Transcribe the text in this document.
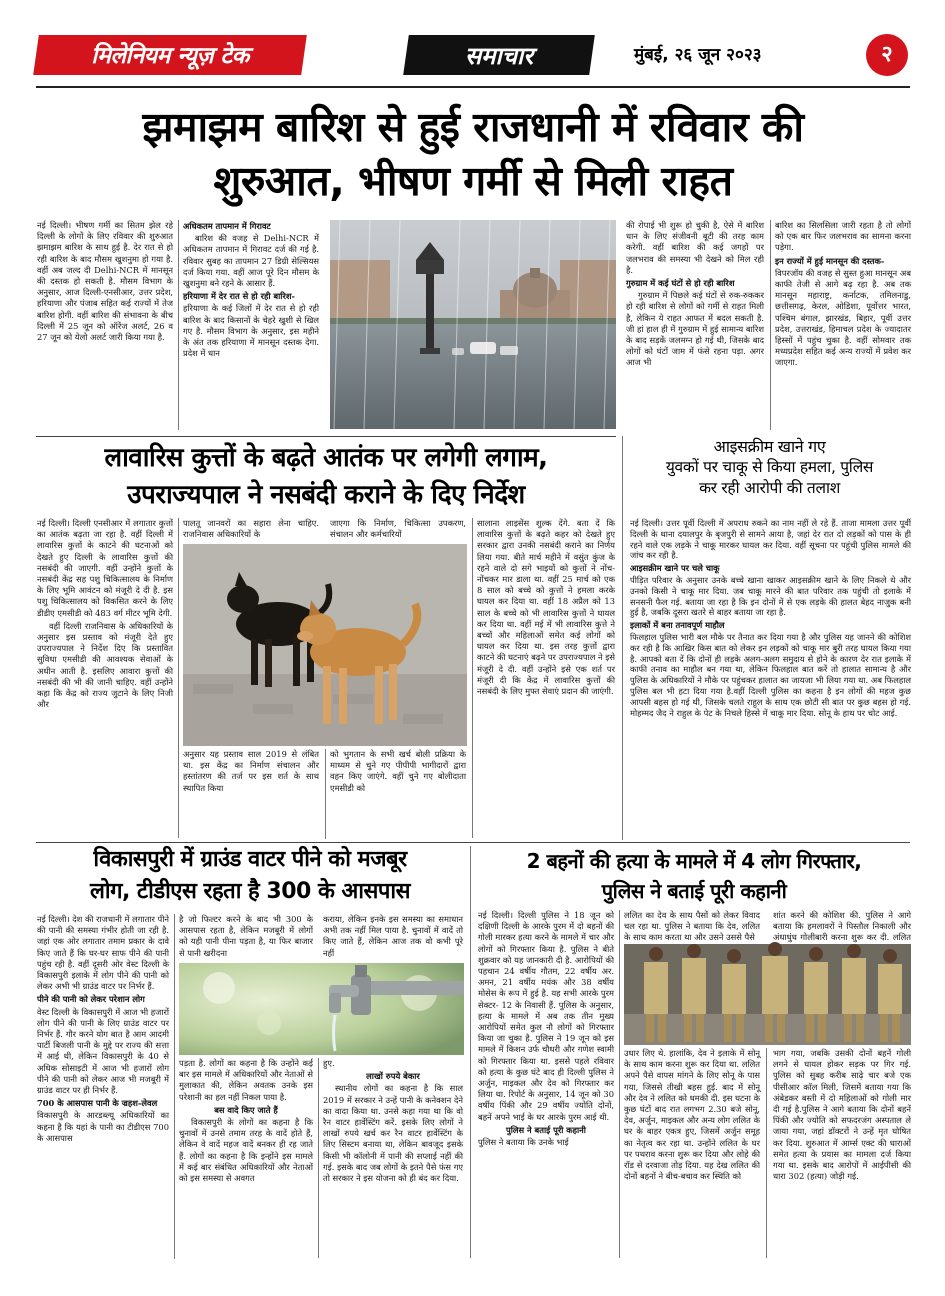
मिलेनियम न्यूज़ टेक	समाचार	मुंबई, २६ जून २०२३	२
झमाझम बारिश से हुई राजधानी में रविवार की
शुरुआत, भीषण गर्मी से मिली राहत

नई दिल्ली। भीषण गर्मी का सितम झेल रहे दिल्ली के लोगों के लिए रविवार की शुरुआत झमाझम बारिश के साथ हुई है. देर रात से हो रही बारिश के बाद मौसम खुशनुमा हो गया है. वहीं अब जल्द दी Delhi-NCR में मानसून की दस्तक हो सकती है. मौसम विभाग के अनुसार, आज दिल्ली-एनसीआर, उत्तर प्रदेश, हरियाणा और पंजाब सहित कई राज्यों में तेज बारिश होगी. वहीं बारिश की संभावना के बीच दिल्ली में 25 जून को ऑरेंज अलर्ट, 26 व 27 जून को येलो अलर्ट जारी किया गया है.

अधिकतम तापमान में गिरावट

बारिश की वजह से Delhi-NCR में अधिकतम तापमान में गिरावट दर्ज की गई है. रविवार सुबह का तापमान 27 डिग्री सेल्सियस दर्ज किया गया. वहीं आज पूरे दिन मौसम के खुशनुमा बने रहने के आसार हैं.

हरियाणा में देर रात से हो रही बारिश-

हरियाणा के कई जिलों में देर रात से हो रही बारिश के बाद किसानों के चेहरे खुशी से खिल गए है. मौसम विभाग के अनुसार, इस महीने के अंत तक हरियाणा में मानसून दस्तक देगा. प्रदेश में धान

की रोपाई भी शुरू हो चुकी है, ऐसे में बारिश धान के लिए संजीवनी बूटी की तरह काम करेगी. वहीं बारिश की कई जगहों पर जलभराव की समस्या भी देखने को मिल रही है.

गुरुग्राम में कई घंटों से हो रही बारिश

गुरुग्राम में पिछले कई घंटों से रुक-रुककर हो रही बारिश से लोगों को गर्मी से राहत मिली है, लेकिन ये राहत आफत में बदल सकती है. जी हां हाल ही में गुरुग्राम में हुई सामान्य बारिश के बाद सड़कें जलमग्न हो गई थी, जिसके बाद लोगों को घंटों जाम में फंसे रहना पड़ा. अगर आज भी

बारिश का सिलसिला जारी रहता है तो लोगों को एक बार फिर जलभराव का सामना करना पड़ेगा.

इन राज्यों में हुई मानसून की दस्तक-

विपरजॉय की वजह से सुस्त हुआ मानसून अब काफी तेजी से आगे बढ़ रहा है. अब तक मानसून महाराष्ट्र, कर्नाटक, तमिलनाडु, छत्तीसगढ़, केरल, ओडिशा, पूर्वोत्तर भारत, पश्चिम बंगाल, झारखंड, बिहार, पूर्वी उत्तर प्रदेश, उत्तराखंड, हिमाचल प्रदेश के ज्यादातर हिस्सों में पहुंच चुका है. वहीं सोमवार तक मध्यप्रदेश सहित कई अन्य राज्यों में प्रवेश कर जाएगा.

लावारिस कुत्तों के बढ़ते आतंक पर लगेगी लगाम,
उपराज्यपाल ने नसबंदी कराने के दिए निर्देश

नई दिल्ली। दिल्ली एनसीआर में लगातार कुत्तों का आतंक बढ़ता जा रहा है. वहीं दिल्ली में लावारिस कुत्तों के काटने की घटनाओं को देखते हुए दिल्ली के लावारिस कुत्तों की नसबंदी की जाएगी. वहीं उन्होंने कुत्तों के नसबंदी केंद्र सह पशु चिकित्सालय के निर्माण के लिए भूमि आवंटन को मंजूरी दे दी है. इस पशु चिकित्सालय को विकसित करने के लिए डीडीए एमसीडी को 483 वर्ग मीटर भूमि देगी.

वहीं दिल्ली राजनिवास के अधिकारियों के अनुसार इस प्रस्ताव को मंजूरी देते हुए उपराज्यपाल ने निर्देश दिए कि प्रस्तावित सुविधा एमसीडी की आवश्यक सेवाओं के अधीन आती है. इसलिए आवारा कुत्तों की नसबंदी की भी की जानी चाहिए. वहीं उन्होंने कहा कि केंद्र को राज्य जुटाने के लिए निजी और

पालतू जानवरों का सहारा लेना चाहिए. राजनिवास अधिकारियों के

जाएगा कि निर्माण, चिकित्सा उपकरण, संचालन और कर्मचारियों

अनुसार यह प्रस्ताव साल 2019 से लंबित था. इस केंद्र का निर्माण संचालन और हस्तांतरण की तर्ज पर इस शर्त के साथ स्थापित किया

को भुगतान के सभी खर्च बोली प्रक्रिया के माध्यम से चुने गए पीपीपी भागीदारों द्वारा वहन किए जाएंगे. वहीं चुने गए बोलीदाता एमसीडी को

सालाना लाइसेंस शुल्क देंगे. बता दें कि लावारिस कुत्तों के बढ़ते कहर को देखते हुए सरकार द्वारा उनकी नसबंदी कराने का निर्णय लिया गया. बीते मार्च महीने में वसुंत कुंज के रहने वाले दो सगे भाइयों को कुत्तों ने नोंच-नोंचकर मार डाला था. वहीं 25 मार्च को एक 8 साल को बच्चे को कुत्तों ने हमला करके घायल कर दिया था. वहीं 18 अप्रैल को 13 साल के बच्चे को भी लावारिस कुत्तों ने घायल कर दिया था. वहीं मई में भी लावारिस कुत्ते ने बच्चों और महिलाओं समेत कई लोगों को घायल कर दिया था. इस तरह कुत्तों द्वारा काटने की घटनाएं बढ़ने पर उपराज्यपाल ने इसे मंजूरी दे दी. वहीं उन्होंने इसे एक शर्त पर मंजूरी दी कि केंद्र में लावारिस कुत्तों की नसबंदी के लिए मुफ्त सेवाएं प्रदान की जाएंगी.

आइसक्रीम खाने गए
युवकों पर चाकू से किया हमला, पुलिस
कर रही आरोपी की तलाश

नई दिल्ली। उत्तर पूर्वी दिल्ली में अपराध रुकने का नाम नहीं ले रहे हैं. ताजा मामला उत्तर पूर्वी दिल्ली के थाना दयालपुर के बृजपुरी से सामने आया है, जहां देर रात दो लड़कों को पास के ही रहने वाले एक लड़के ने चाकू मारकर घायल कर दिया. वहीं सूचना पर पहुंची पुलिस मामले की जांच कर रही है.

आइसक्रीम खाने पर चले चाकू

पीड़ित परिवार के अनुसार उनके बच्चे खाना खाकर आइसक्रीम खाने के लिए निकले थे और उनको किसी ने चाकू मार दिया. जब चाकू मारने की बात परिवार तक पहुंची तो इलाके में सनसनी फैल गई. बताया जा रहा है कि इन दोनों में से एक लड़के की हालत बेहद नाजुक बनी हुई है, जबकि दूसरा खतरे से बाहर बताया जा रहा है.

इलाकों में बना तनावपूर्ण माहौल

फिलहाल पुलिस भारी बल मौके पर तैनात कर दिया गया है और पुलिस यह जानने की कोशिश कर रही है कि आखिर किस बात को लेकर इन लड़कों को चाकू मार बुरी तरह घायल किया गया है. आपको बता दें कि दोनों ही लड़के अलग-अलग समुदाय से होने के कारण देर रात इलाके में काफी तनाव का माहौल बन गया था, लेकिन फिलहाल बात करें तो हालात सामान्य है और पुलिस के अधिकारियों ने मौके पर पहुंचकर हालात का जायजा भी लिया गया था. अब फिलहाल पुलिस बल भी हटा दिया गया है.वहीं दिल्ली पुलिस का कहना है इन लोगों की महज कुछ आपसी बहस हो गई थी, जिसके चलते राहुल के साथ एक छोटी सी बात पर कुछ बहस हो गई. मोहम्मद जैद ने राहुल के पेट के निचले हिस्से में चाकू मार दिया. सोनू के हाथ पर चोट आई.

विकासपुरी में ग्राउंड वाटर पीने को मजबूर
लोग, टीडीएस रहता है 300 के आसपास

नई दिल्ली। देश की राजधानी में लगातार पीने की पानी की समस्या गंभीर होती जा रही है. जहां एक ओर लगातार तमाम प्रकार के दावे किए जाते हैं कि घर-घर साफ पीने की पानी पहुंच रही है. वहीं दूसरी ओर वेस्ट दिल्ली के विकासपुरी इलाके में लोग पीने की पानी को लेकर अभी भी ग्राउंड वाटर पर निर्भर हैं.

पीने की पानी को लेकर परेशान लोग

वेस्ट दिल्ली के विकासपुरी में आज भी हजारों लोग पीने की पानी के लिए ग्राउंड वाटर पर निर्भर हैं. गौर करने योग बात है आम आदमी पार्टी बिजली पानी के मुद्दे पर राज्य की सत्ता में आई थी, लेकिन विकासपुरी के 40 से अधिक सोसाइटी में आज भी हजारों लोग पीने की पानी को लेकर आज भी मजबूरी में ग्राउंड वाटर पर ही निर्भर हैं.

700 के आसपास पानी के ज्रहश-लेवल

विकासपुरी के आरडब्ल्यू अधिकारियों का कहना है कि यहां के पानी का टीडीएस 700 के आसपास

है जो फिल्टर करने के बाद भी 300 के आसपास रहता है, लेकिन मजबूरी में लोगों को यही पानी पीना पड़ता है, या फिर बाजार से पानी खरीदना

कराया, लेकिन इनके इस समस्या का समाधान अभी तक नहीं मिल पाया है. चुनावों में वादें तो किए जाते हैं, लेकिन आज तक वो कभी पूरे नहीं

पड़ता है. लोगों का कहना है कि उन्होंने कई बार इस मामले में अधिकारियों और नेताओं से मुलाकात की, लेकिन अवतक उनके इस परेशानी का हल नहीं निकल पाया है.

बस वादे किए जाते हैं

विकासपुरी के लोगों का कहना है कि चुनावों में उनसे तमाम तरह के वादें होते हैं, लेकिन वे वादें महज वादें बनकर ही रह जाते हैं. लोगों का कहना है कि इन्होंने इस मामले में कई बार संबंधित अधिकारियों और नेताओं को इस समस्या से अवगत

हुए.

लाखों रुपये बेकार

स्थानीय लोगों का कहना है कि साल 2019 में सरकार ने उन्हें पानी के कनेक्शन देने का वादा किया था. उनसे कहा गया था कि वो रैन वाटर हार्वेस्टिंग करें. इसके लिए लोगों ने लाखों रुपये खर्च कर रैन वाटर हार्वेस्टिंग के लिए सिस्टम बनाया था, लेकिन बावजूद इसके किसी भी कॉलोनी में पानी की सप्लाई नहीं की गई. इसके बाद जब लोगों के इतने पैसे फंस गए तो सरकार ने इस योजना को ही बंद कर दिया.

2 बहनों की हत्या के मामले में 4 लोग गिरफ्तार,
पुलिस ने बताई पूरी कहानी

नई दिल्ली। दिल्ली पुलिस ने 18 जून को दक्षिणी दिल्ली के आरके पुरम में दो बहनों की गोली मारकर हत्या करने के मामले में चार और लोगों को गिरफ्तार किया है. पुलिस ने बीते शुक्रवार को यह जानकारी दी है. आरोपियों की पहचान 24 वर्षीय गौतम, 22 वर्षीय अर. अमन, 21 वर्षीय मयंक और 38 वर्षीय मोसेस के रूप में हुई है. यह सभी आरके पुरम सेक्टर- 12 के निवासी हैं. पुलिस के अनुसार, हत्या के मामले में अब तक तीन मुख्य आरोपियों समेत कुल नौ लोगों को गिरफ्तार किया जा चुका है. पुलिस ने 19 जून को इस मामले में किशन उर्फ चौधरी और गणेश स्वामी को गिरफ्तार किया था. इससे पहले रविवार को हत्या के कुछ घंटे बाद ही दिल्ली पुलिस ने अर्जुन, माइकल और देव को गिरफ्तार कर लिया था. रिपोर्ट के अनुसार, 14 जून को 30 वर्षीय पिंकी और 29 वर्षीय ज्योति दोनों, बहनें अपने भाई के घर आरके पुरम आई थी.

पुलिस ने बताई पूरी कहानी

पुलिस ने बताया कि उनके भाई

ललित का देव के साथ पैसों को लेकर विवाद चल रहा था. पुलिस ने बताया कि देव, ललित के साथ काम करता था और उसने उससे पैसे

शांत करने की कोशिश की. पुलिस ने आगे बताया कि हमलावरों ने पिस्तौल निकाली और अंधाधुंध गोलीबारी करना शुरू कर दी. ललित

उधार लिए थे. हालांकि, देव ने इलाके में सोनू के साथ काम करना शुरू कर दिया था. ललित अपने पैसे वापस मांगने के लिए सोनू के पास गया, जिससे तीखी बहस हुई. बाद में सोनू और देव ने ललित को धमकी दी. इस घटना के कुछ घंटों बाद रात लगभग 2.30 बजे सोनू, देव, अर्जुन, माइकल और अन्य लोग ललित के घर के बाहर एकत्र हुए, जिसमें अर्जुन समूह का नेतृत्व कर रहा था. उन्होंने ललित के घर पर पथराव करना शुरू कर दिया और लोहे की रॉड से दरवाजा तोड़ दिया. यह देख ललित की दोनों बहनों ने बीच-बचाव कर स्थिति को

भाग गया, जबकि उसकी दोनों बहनें गोली लगने से घायल होकर सड़क पर गिर गई. पुलिस को सुबह करीब साढ़े चार बजे एक पीसीआर कॉल मिली, जिसमें बताया गया कि अंबेडकर बस्ती में दो महिलाओं को गोली मार दी गई है.पुलिस ने आगे बताया कि दोनों बहनें पिंकी और ज्योति को सफदरजंग अस्पताल ले जाया गया, जहां डॉक्टरों ने उन्हें मृत घोषित कर दिया. शुरुआत में आर्म्स एक्ट की धाराओं समेत हत्या के प्रयास का मामला दर्ज किया गया था. इसके बाद आरोपों में आईपीसी की धारा 302 (हत्या) जोड़ी गई.
